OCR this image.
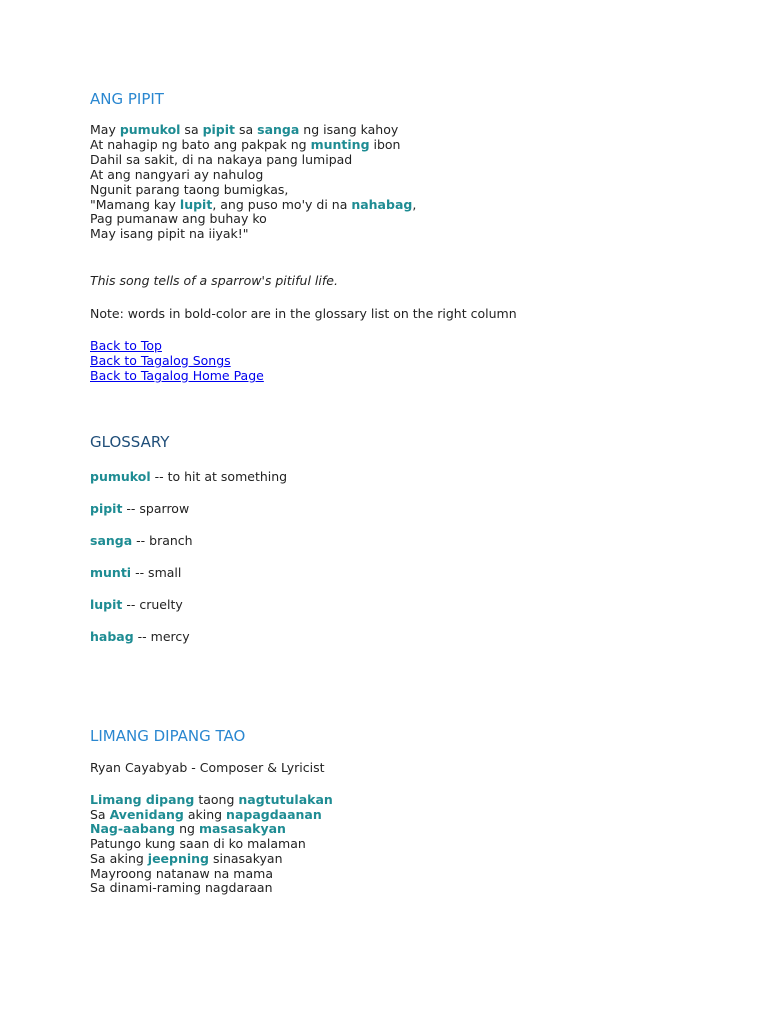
ANG PIPIT
May pumukol sa pipit sa sanga ng isang kahoy
At nahagip ng bato ang pakpak ng munting ibon
Dahil sa sakit, di na nakaya pang lumipad
At ang nangyari ay nahulog
Ngunit parang taong bumigkas,
"Mamang kay lupit, ang puso mo'y di na nahabag,
Pag pumanaw ang buhay ko
May isang pipit na iiyak!"
This song tells of a sparrow's pitiful life.
Note: words in bold-color are in the glossary list on the right column
Back to Top
Back to Tagalog Songs
Back to Tagalog Home Page
GLOSSARY
pumukol -- to hit at something
pipit -- sparrow
sanga -- branch
munti -- small
lupit -- cruelty
habag -- mercy
LIMANG DIPANG TAO
Ryan Cayabyab - Composer & Lyricist
Limang dipang taong nagtutulakan
Sa Avenidang aking napagdaanan
Nag-aabang ng masasakyan
Patungo kung saan di ko malaman
Sa aking jeepning sinasakyan
Mayroong natanaw na mama
Sa dinami-raming nagdaraan
